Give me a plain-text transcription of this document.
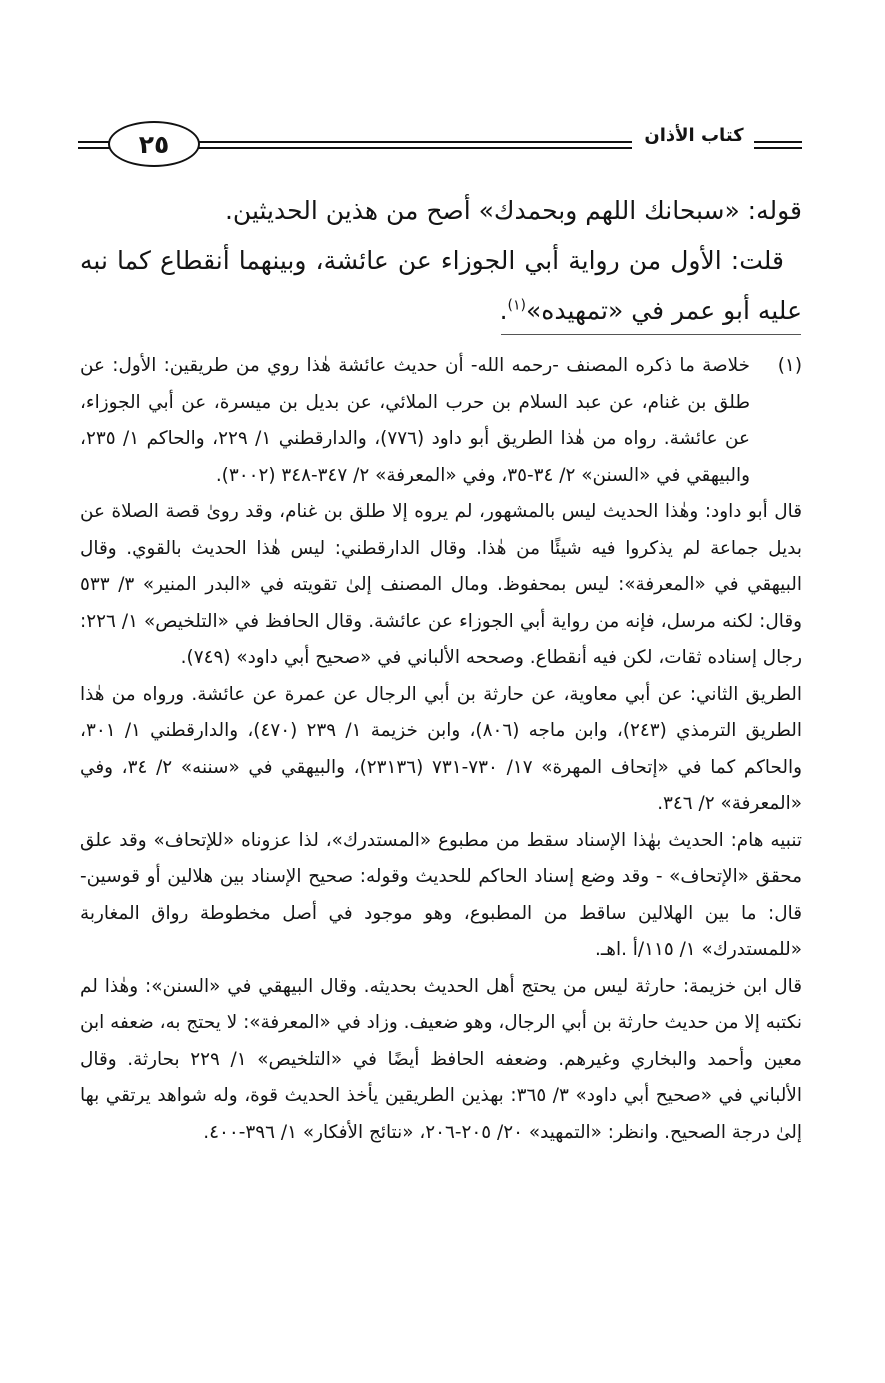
٢٥	كتاب الأذان

قوله: «سبحانك اللهم وبحمدك» أصح من هذين الحديثين.

قلت: الأول من رواية أبي الجوزاء عن عائشة، وبينهما أنقطاع كما نبه عليه أبو عمر في «تمهيده»$^{(١)}$.

(١)
خلاصة ما ذكره المصنف -رحمه الله- أن حديث عائشة هٰذا روي من طريقين: الأول: عن طلق بن غنام، عن عبد السلام بن حرب الملائي، عن بديل بن ميسرة، عن أبي الجوزاء، عن عائشة. رواه من هٰذا الطريق أبو داود (٧٧٦)، والدارقطني ١/ ٢٢٩، والحاكم ١/ ٢٣٥، والبيهقي في «السنن» ٢/ ٣٤-٣٥، وفي «المعرفة» ٢/ ٣٤٧-٣٤٨ (٣٠٠٢).

قال أبو داود: وهٰذا الحديث ليس بالمشهور، لم يروه إلا طلق بن غنام، وقد روىٰ قصة الصلاة عن بديل جماعة لم يذكروا فيه شيئًا من هٰذا. وقال الدارقطني: ليس هٰذا الحديث بالقوي. وقال البيهقي في «المعرفة»: ليس بمحفوظ. ومال المصنف إلىٰ تقويته في «البدر المنير» ٣/ ٥٣٣ وقال: لكنه مرسل، فإنه من رواية أبي الجوزاء عن عائشة. وقال الحافظ في «التلخيص» ١/ ٢٢٦: رجال إسناده ثقات، لكن فيه أنقطاع. وصححه الألباني في «صحيح أبي داود» (٧٤٩).

الطريق الثاني: عن أبي معاوية، عن حارثة بن أبي الرجال عن عمرة عن عائشة. ورواه من هٰذا الطريق الترمذي (٢٤٣)، وابن ماجه (٨٠٦)، وابن خزيمة ١/ ٢٣٩ (٤٧٠)، والدارقطني ١/ ٣٠١، والحاكم كما في «إتحاف المهرة» ١٧/ ٧٣٠-٧٣١ (٢٣١٣٦)، والبيهقي في «سننه» ٢/ ٣٤، وفي «المعرفة» ٢/ ٣٤٦.

تنبيه هام: الحديث بهٰذا الإسناد سقط من مطبوع «المستدرك»، لذا عزوناه «للإتحاف» وقد علق محقق «الإتحاف» - وقد وضع إسناد الحاكم للحديث وقوله: صحيح الإسناد بين هلالين أو قوسين- قال: ما بين الهلالين ساقط من المطبوع، وهو موجود في أصل مخطوطة رواق المغاربة «للمستدرك» ١/ ١١٥/أ .اهـ.

قال ابن خزيمة: حارثة ليس من يحتج أهل الحديث بحديثه. وقال البيهقي في «السنن»: وهٰذا لم نكتبه إلا من حديث حارثة بن أبي الرجال، وهو ضعيف. وزاد في «المعرفة»: لا يحتج به، ضعفه ابن معين وأحمد والبخاري وغيرهم. وضعفه الحافظ أيضًا في «التلخيص» ١/ ٢٢٩ بحارثة. وقال الألباني في «صحيح أبي داود» ٣/ ٣٦٥: بهذين الطريقين يأخذ الحديث قوة، وله شواهد يرتقي بها إلىٰ درجة الصحيح. وانظر: «التمهيد» ٢٠/ ٢٠٥-٢٠٦، «نتائج الأفكار» ١/ ٣٩٦-٤٠٠.
